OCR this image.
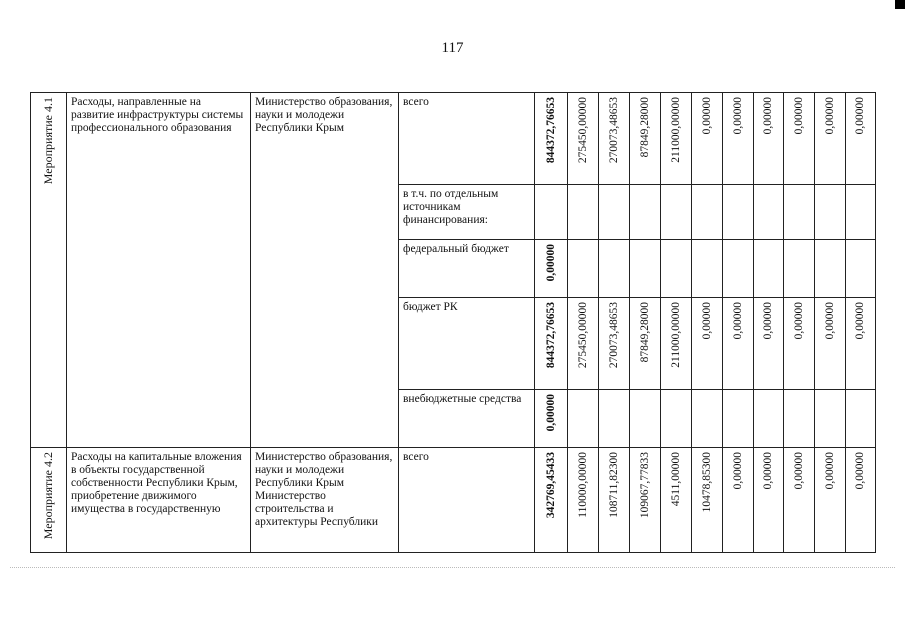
117
Мероприятие 4.1	Расходы, направленные на развитие инфраструктуры системы профессионального образования	Министерство образования, науки и молодежи Республики Крым	всего	844372,76653	275450,00000	270073,48653	87849,28000	211000,00000	0,00000	0,00000	0,00000	0,00000	0,00000	0,00000
			в т.ч. по отдельным источникам финансирования:											
			федеральный бюджет	0,00000										
			бюджет РК	844372,76653	275450,00000	270073,48653	87849,28000	211000,00000	0,00000	0,00000	0,00000	0,00000	0,00000	0,00000
			внебюджетные средства	0,00000										
Мероприятие 4.2	Расходы на капитальные вложения в объекты государственной собственности Республики Крым, приобретение движимого имущества в государственную	Министерство образования, науки и молодежи Республики Крым Министерство строительства и архитектуры Республики	всего	342769,45433	110000,00000	108711,82300	109067,77833	4511,00000	10478,85300	0,00000	0,00000	0,00000	0,00000	0,00000
